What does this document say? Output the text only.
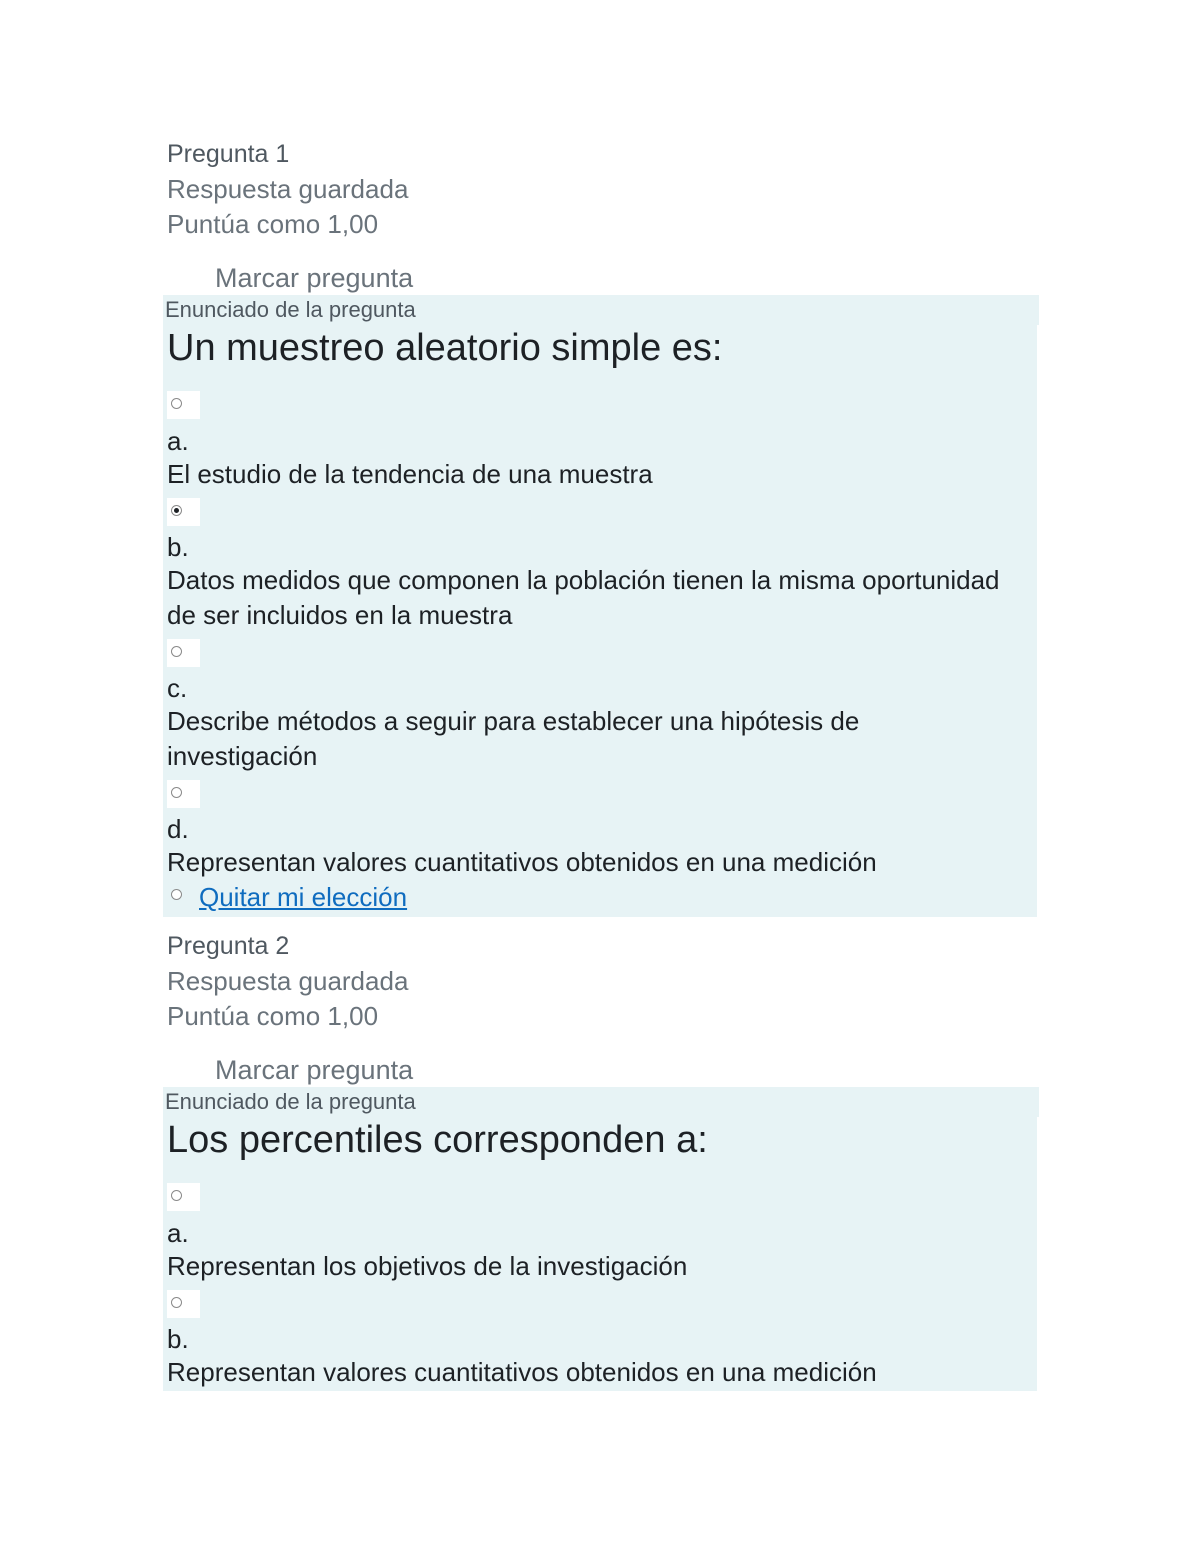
Pregunta 1
Respuesta guardada
Puntúa como 1,00
Marcar pregunta
Enunciado de la pregunta
Un muestreo aleatorio simple es:
a.
El estudio de la tendencia de una muestra
b.
Datos medidos que componen la población tienen la misma oportunidad de ser incluidos en la muestra
c.
Describe métodos a seguir para establecer una hipótesis de investigación
d.
Representan valores cuantitativos obtenidos en una medición
Quitar mi elección
Pregunta 2
Respuesta guardada
Puntúa como 1,00
Marcar pregunta
Enunciado de la pregunta
Los percentiles corresponden a:
a.
Representan los objetivos de la investigación
b.
Representan valores cuantitativos obtenidos en una medición
